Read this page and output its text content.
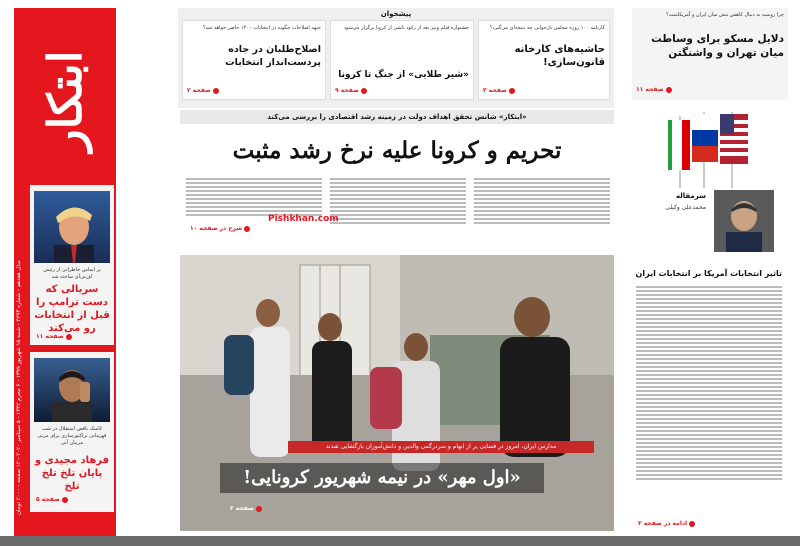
ابتکار
سال هفدهم - شماره ۴۲۹۳ - شنبه ۱۵ شهریور ۱۳۹۹ - ۶ محرم ۱۴۴۲ - ۵ سپتامبر ۲۰۲۰ - ۱۲ صفحه - ۲۰۰۰ تومان	بر اساس خاطراتی از رئیس اف‌بی‌آی ساخته شد
سریالی که دست ترامپ را قبل از انتخابات رو می‌کند
صفحه ۱۱
کامبک ناقص استقلال در شب قهرمانی تراکتورسازی برای مربی مربیان آبی
فرهاد مجیدی و پایان تلخ تلخ تلخ
صفحه ۵
پیشخوان
کارنامه ۱۰۰ روزه مجلس بازخوانی چه نتیجه‌ای می‌گیرد؟
حاشیه‌های کارخانه قانون‌سازی!
صفحه ۳
جشنواره فیلم ونیز بعد از رکود ناشی از کرونا برگزار می‌شود
«شیر طلایی» از جنگ تا کرونا
صفحه ۹
جبهه اصلاحات چگونه در انتخابات ۱۴۰۰ حاضر خواهد شد؟
اصلاح‌طلبان در جاده پردست‌انداز انتخابات
صفحه ۲
چرا روسیه به دنبال کاهش تنش میان ایران و آمریکاست؟
دلایل مسکو برای وساطت میان تهران و واشنگتن
صفحه ۱۱
«ابتکار» شانس تحقق اهداف دولت در زمینه رشد اقتصادی را بررسی می‌کند
تحریم و کرونا علیه نرخ رشد مثبت
Pishkhan.com
شرح در صفحه ۱۰
مدارس ایران، امروز در فضایی پر از ابهام و سردرگمی والدین و دانش‌آموزان بازگشایی شدند
«اول مهر» در نیمه شهریور کرونایی!
صفحه ۲
سرمقاله
محمدعلی وکیلی
تاثیر انتخابات آمریکا بر انتخابات ایران
ادامه در صفحه ۲
